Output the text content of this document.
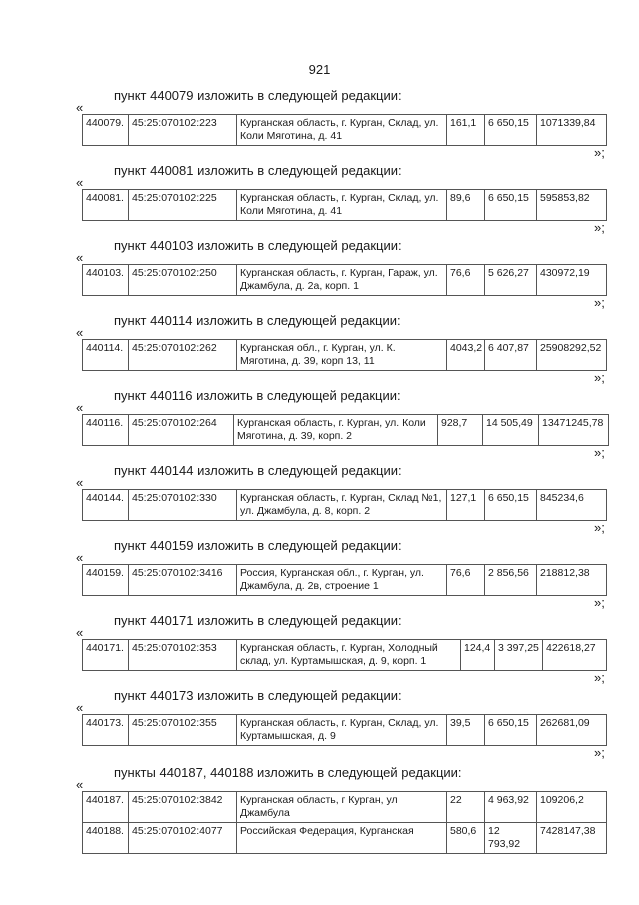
921
пункт 440079 изложить в следующей редакции:
«
440079.	45:25:070102:223	Курганская область, г. Курган, Склад, ул. Коли Мяготина, д. 41	161,1	6 650,15	1071339,84
»;
пункт 440081 изложить в следующей редакции:
«
440081.	45:25:070102:225	Курганская область, г. Курган, Склад, ул. Коли Мяготина, д. 41	89,6	6 650,15	595853,82
»;
пункт 440103 изложить в следующей редакции:
«
440103.	45:25:070102:250	Курганская область, г. Курган, Гараж, ул. Джамбула, д. 2а, корп. 1	76,6	5 626,27	430972,19
»;
пункт 440114 изложить в следующей редакции:
«
440114.	45:25:070102:262	Курганская обл., г. Курган, ул. К. Мяготина, д. 39, корп 13, 11	4043,2	6 407,87	25908292,52
»;
пункт 440116 изложить в следующей редакции:
«
440116.	45:25:070102:264	Курганская область, г. Курган, ул. Коли Мяготина, д. 39, корп. 2	928,7	14 505,49	13471245,78
»;
пункт 440144 изложить в следующей редакции:
«
440144.	45:25:070102:330	Курганская область, г. Курган, Склад №1, ул. Джамбула, д. 8, корп. 2	127,1	6 650,15	845234,6
»;
пункт 440159 изложить в следующей редакции:
«
440159.	45:25:070102:3416	Россия, Курганская обл., г. Курган, ул. Джамбула, д. 2в, строение 1	76,6	2 856,56	218812,38
»;
пункт 440171 изложить в следующей редакции:
«
440171.	45:25:070102:353	Курганская область, г. Курган, Холодный склад, ул. Куртамышская, д. 9, корп. 1	124,4	3 397,25	422618,27
»;
пункт 440173 изложить в следующей редакции:
«
440173.	45:25:070102:355	Курганская область, г. Курган, Склад, ул. Куртамышская, д. 9	39,5	6 650,15	262681,09
»;
пункты 440187, 440188 изложить в следующей редакции:
«
440187.	45:25:070102:3842	Курганская область, г Курган, ул Джамбула	22	4 963,92	109206,2
440188.	45:25:070102:4077	Российская Федерация, Курганская	580,6	12 793,92	7428147,38
